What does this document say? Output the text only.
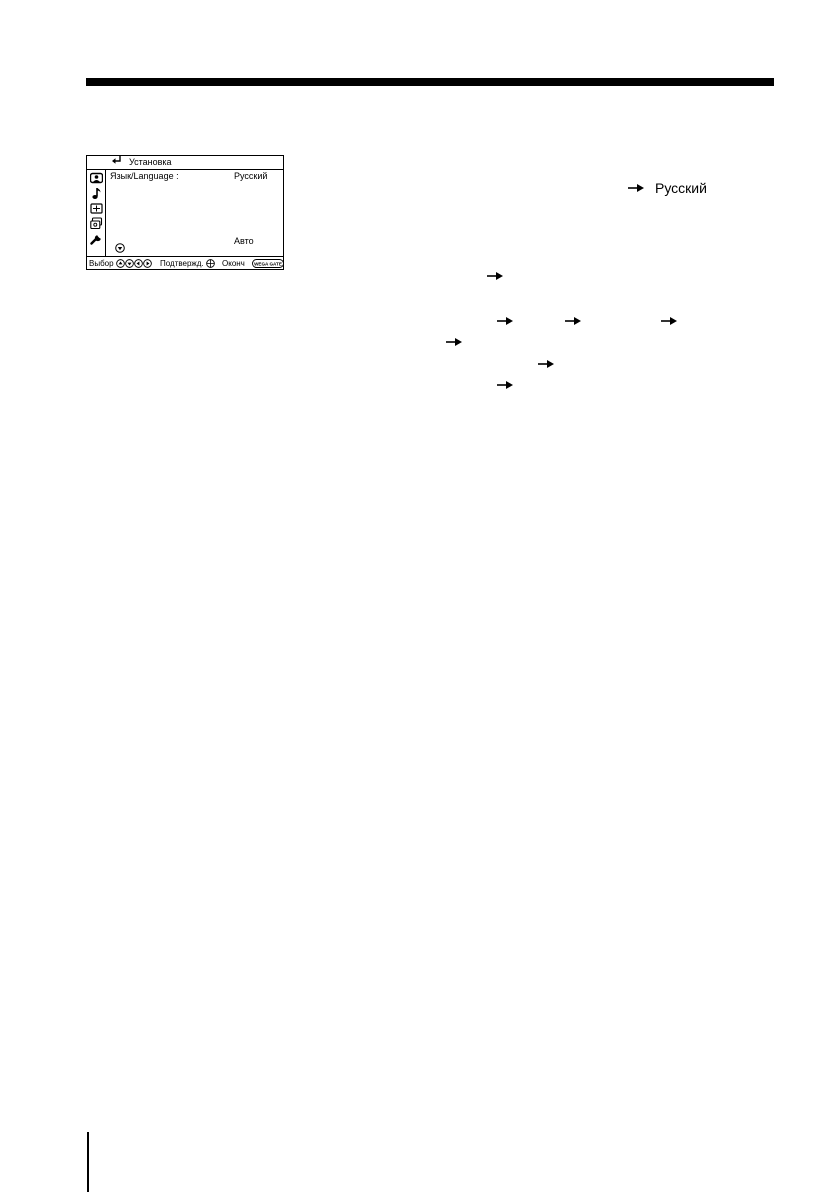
Установка
Язык/Language :	Русский
Авто
Выбор	Подтвержд. Оконч WEGA GATE
Русский
